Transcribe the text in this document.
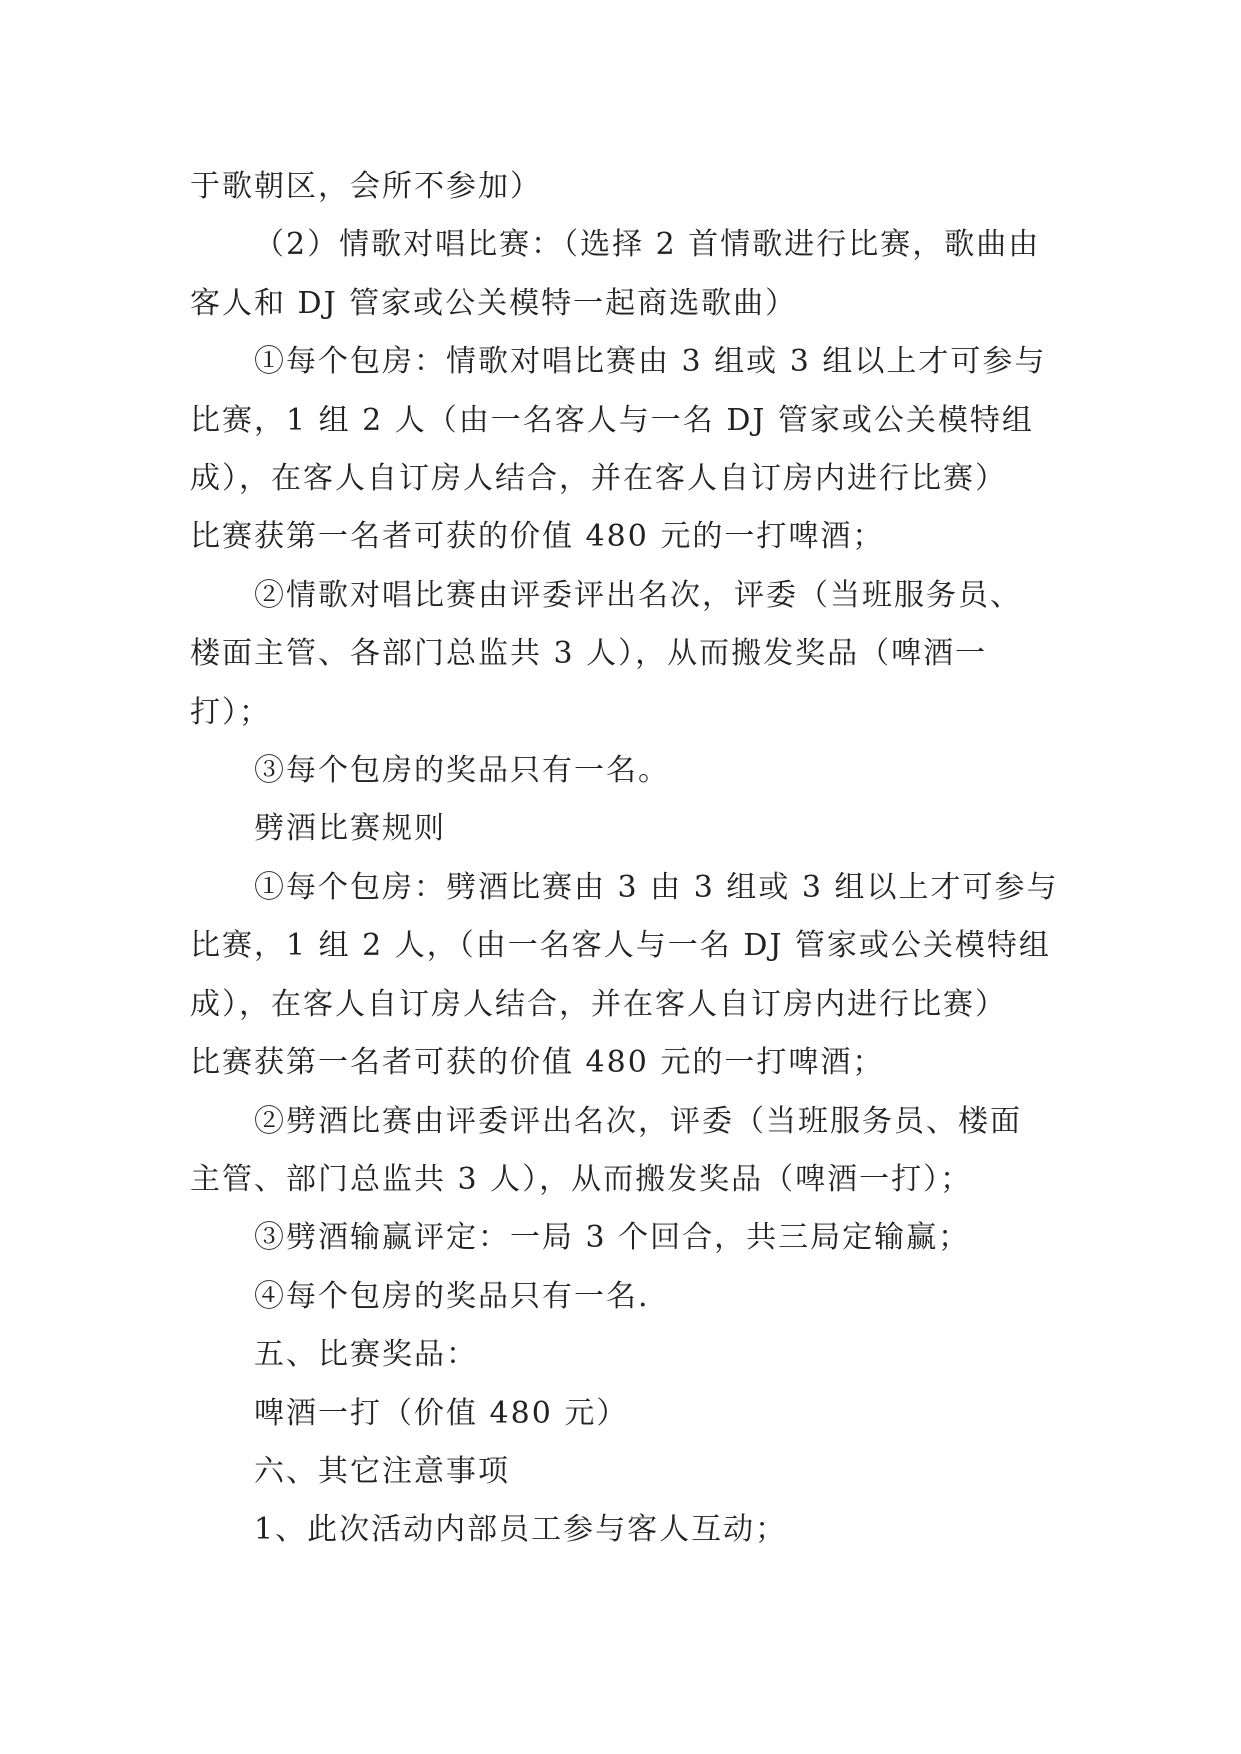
于歌朝区，会所不参加）

（2）情歌对唱比赛：（选择 2 首情歌进行比赛，歌曲由

客人和 DJ 管家或公关模特一起商选歌曲）

①每个包房：情歌对唱比赛由 3 组或 3 组以上才可参与

比赛，1 组 2 人（由一名客人与一名 DJ 管家或公关模特组

成），在客人自订房人结合，并在客人自订房内进行比赛）

比赛获第一名者可获的价值 480 元的一打啤酒；

②情歌对唱比赛由评委评出名次，评委（当班服务员、

楼面主管、各部门总监共 3 人），从而搬发奖品（啤酒一

打）；

③每个包房的奖品只有一名。

劈酒比赛规则

①每个包房：劈酒比赛由 3 由 3 组或 3 组以上才可参与

比赛，1 组 2 人，（由一名客人与一名 DJ 管家或公关模特组

成），在客人自订房人结合，并在客人自订房内进行比赛）

比赛获第一名者可获的价值 480 元的一打啤酒；

②劈酒比赛由评委评出名次，评委（当班服务员、楼面

主管、部门总监共 3 人），从而搬发奖品（啤酒一打）；

③劈酒输赢评定：一局 3 个回合，共三局定输赢；

④每个包房的奖品只有一名.

五、比赛奖品：

啤酒一打（价值 480 元）

六、其它注意事项

1、此次活动内部员工参与客人互动；
